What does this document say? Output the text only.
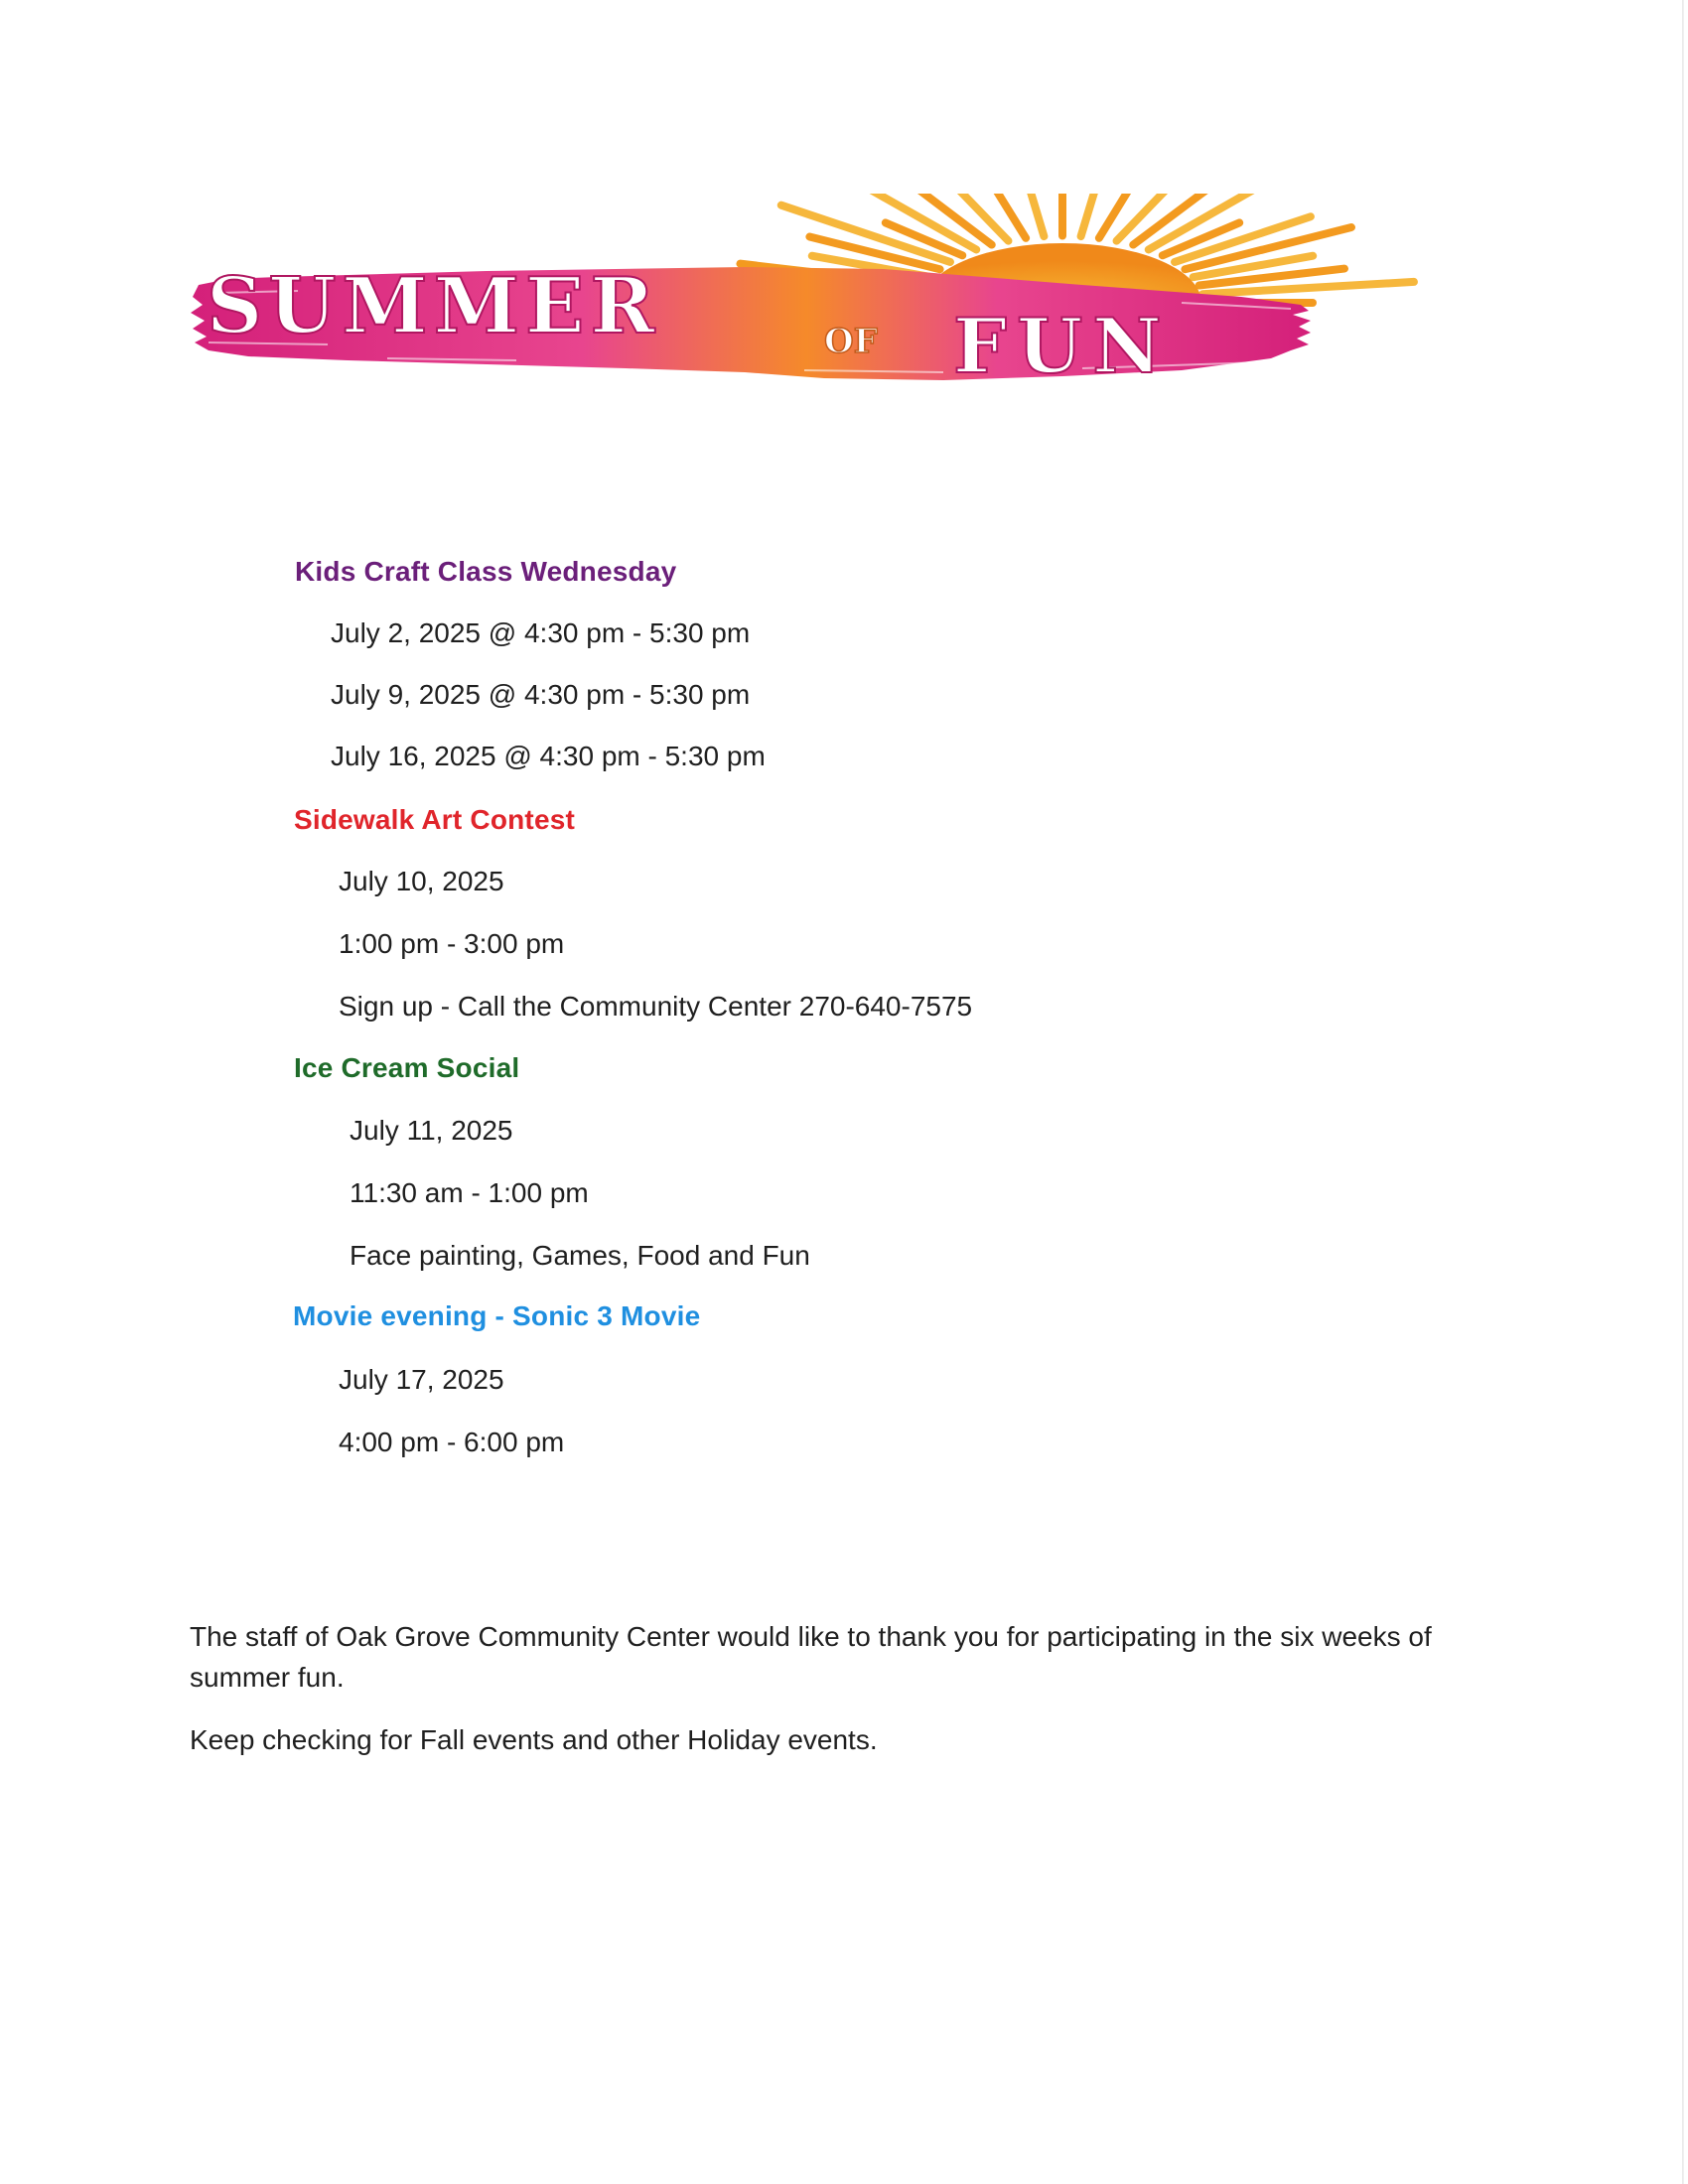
SUMMER	OF FUN
Kids Craft Class Wednesday
July 2, 2025 @ 4:30 pm - 5:30 pm
July 9, 2025 @ 4:30 pm - 5:30 pm
July 16, 2025 @ 4:30 pm - 5:30 pm
Sidewalk Art Contest
July 10, 2025
1:00 pm - 3:00 pm
Sign up - Call the Community Center 270-640-7575
Ice Cream Social
July 11, 2025
11:30 am - 1:00 pm
Face painting, Games, Food and Fun
Movie evening - Sonic 3 Movie
July 17, 2025
4:00 pm - 6:00 pm
The staff of Oak Grove Community Center would like to thank you for participating in the six weeks of summer fun.
Keep checking for Fall events and other Holiday events.
